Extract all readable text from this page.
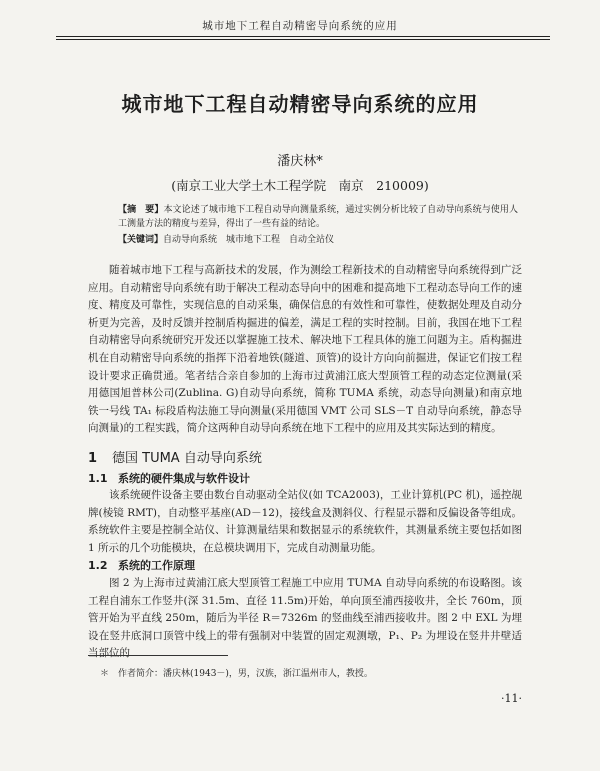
城市地下工程自动精密导向系统的应用
城市地下工程自动精密导向系统的应用
潘庆林*
(南京工业大学土木工程学院　南京　210009)

【摘　要】本文论述了城市地下工程自动导向测量系统，通过实例分析比较了自动导向系统与使用人工测量方法的精度与差异，得出了一些有益的结论。

【关键词】自动导向系统　城市地下工程　自动全站仪

随着城市地下工程与高新技术的发展，作为测绘工程新技术的自动精密导向系统得到广泛应用。自动精密导向系统有助于解决工程动态导向中的困难和提高地下工程动态导向工作的速度、精度及可靠性，实现信息的自动采集，确保信息的有效性和可靠性，使数据处理及自动分析更为完善，及时反馈并控制盾构掘进的偏差，满足工程的实时控制。目前，我国在地下工程自动精密导向系统研究开发还以掌握施工技术、解决地下工程具体的施工问题为主。盾构掘进机在自动精密导向系统的指挥下沿着地铁(隧道、顶管)的设计方向向前掘进，保证它们按工程设计要求正确贯通。笔者结合亲自参加的上海市过黄浦江底大型顶管工程的动态定位测量(采用德国旭普林公司(Zublina. G)自动导向系统，简称 TUMA 系统，动态导向测量)和南京地铁一号线 TA₁ 标段盾构法施工导向测量(采用德国 VMT 公司 SLS－T 自动导向系统，静态导向测量)的工程实践，简介这两种自动导向系统在地下工程中的应用及其实际达到的精度。

1 德国 TUMA 自动导向系统
1.1 系统的硬件集成与软件设计

该系统硬件设备主要由数台自动驱动全站仪(如 TCA2003)，工业计算机(PC 机)，遥控觇牌(棱镜 RMT)，自动整平基座(AD－12)，接线盒及测斜仪、行程显示器和反偏设备等组成。系统软件主要是控制全站仪、计算测量结果和数据显示的系统软件，其测量系统主要包括如图 1 所示的几个功能模块，在总模块调用下，完成自动测量功能。

1.2 系统的工作原理

图 2 为上海市过黄浦江底大型顶管工程施工中应用 TUMA 自动导向系统的布设略图。该工程自浦东工作竖井(深 31.5m、直径 11.5m)开始，单向顶至浦西接收井，全长 760m，顶管开始为平直线 250m，随后为半径 R＝7326m 的竖曲线至浦西接收井。图 2 中 EXL 为埋设在竖井底洞口顶管中线上的带有强制对中装置的固定观测墩，P₁、P₂ 为埋设在竖井井壁适当部位的

＊　作者简介：潘庆林(1943－)，男，汉族，浙江温州市人，教授。
·11·
